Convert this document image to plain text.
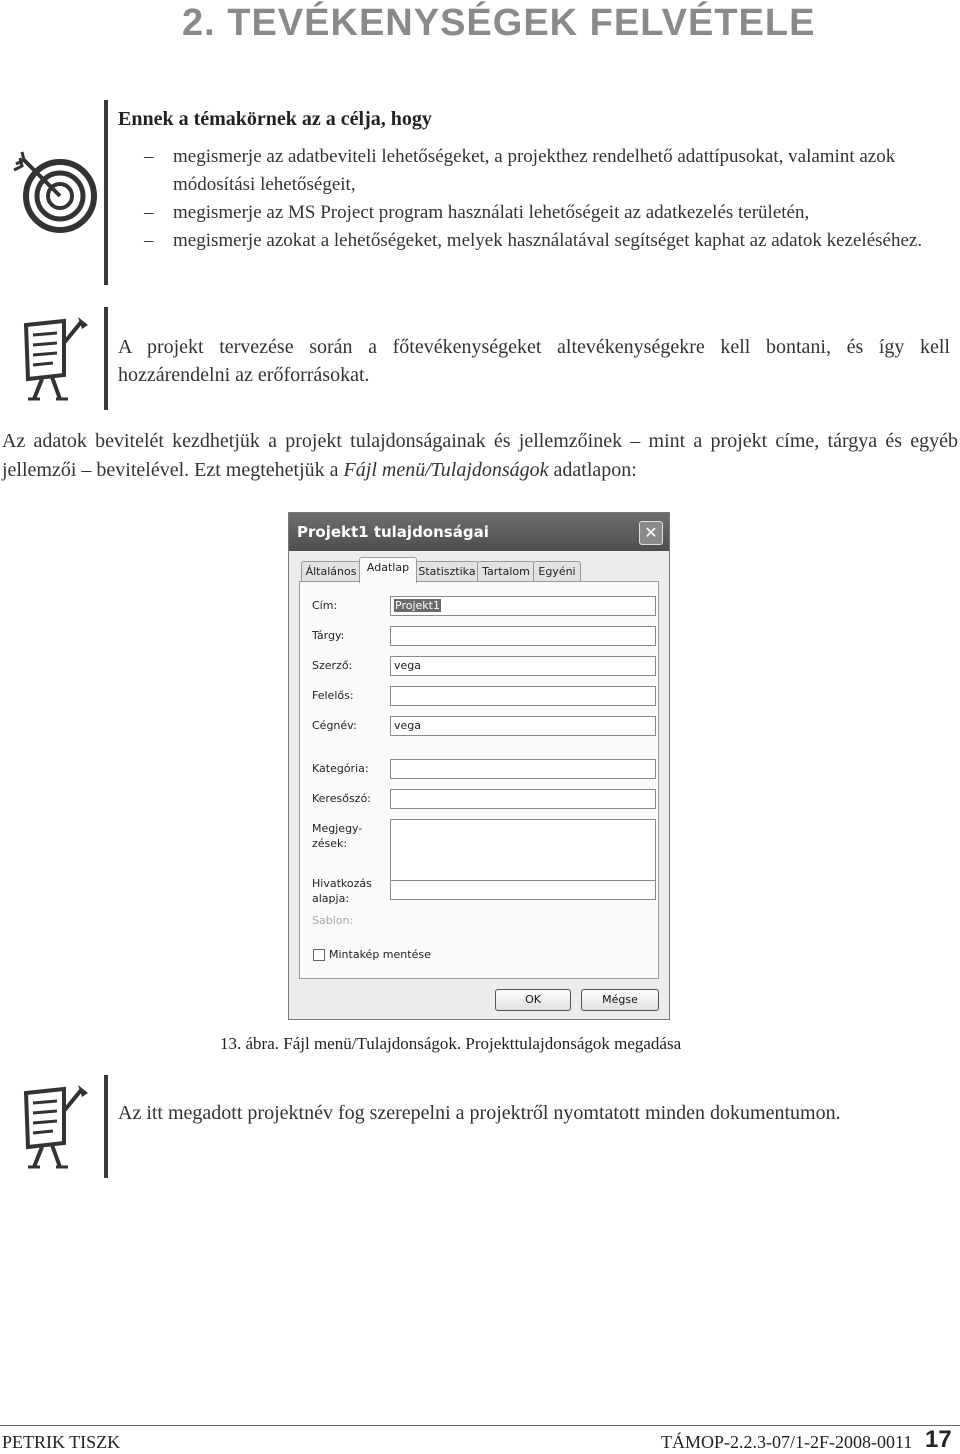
2. TEVÉKENYSÉGEK FELVÉTELE

Ennek a témakörnek az a célja, hogy

– megismerje az adatbeviteli lehetőségeket, a projekthez rendelhető adattípusokat, valamint azok módosítási lehetőségeit,
– megismerje az MS Project program használati lehetőségeit az adatkezelés területén,
– megismerje azokat a lehetőségeket, melyek használatával segítséget kaphat az adatok kezeléséhez.

A projekt tervezése során a főtevékenységeket altevékenységekre kell bontani, és így kell hozzárendelni az erőforrásokat.

Az adatok bevitelét kezdhetjük a projekt tulajdonságainak és jellemzőinek – mint a projekt címe, tárgya és egyéb jellemzői – bevitelével. Ezt megtehetjük a Fájl menü/Tulajdonságok adatlapon:

Projekt1 tulajdonságai	✕
Általános Adatlap Statisztika Tartalom Egyéni
Cím:	Projekt1
Tárgy:
Szerző:	vega
Felelős:
Cégnév:	vega
Kategória:
Keresőszó:
Megjegy-
zések:
Hivatkozás
alapja:
Sablon:
Mintakép mentése
OK	Mégse

13. ábra. Fájl menü/Tulajdonságok. Projekttulajdonságok megadása

Az itt megadott projektnév fog szerepelni a projektről nyomtatott minden dokumentumon.

PETRIK TISZK	TÁMOP-2.2.3-07/1-2F-2008-0011 17
